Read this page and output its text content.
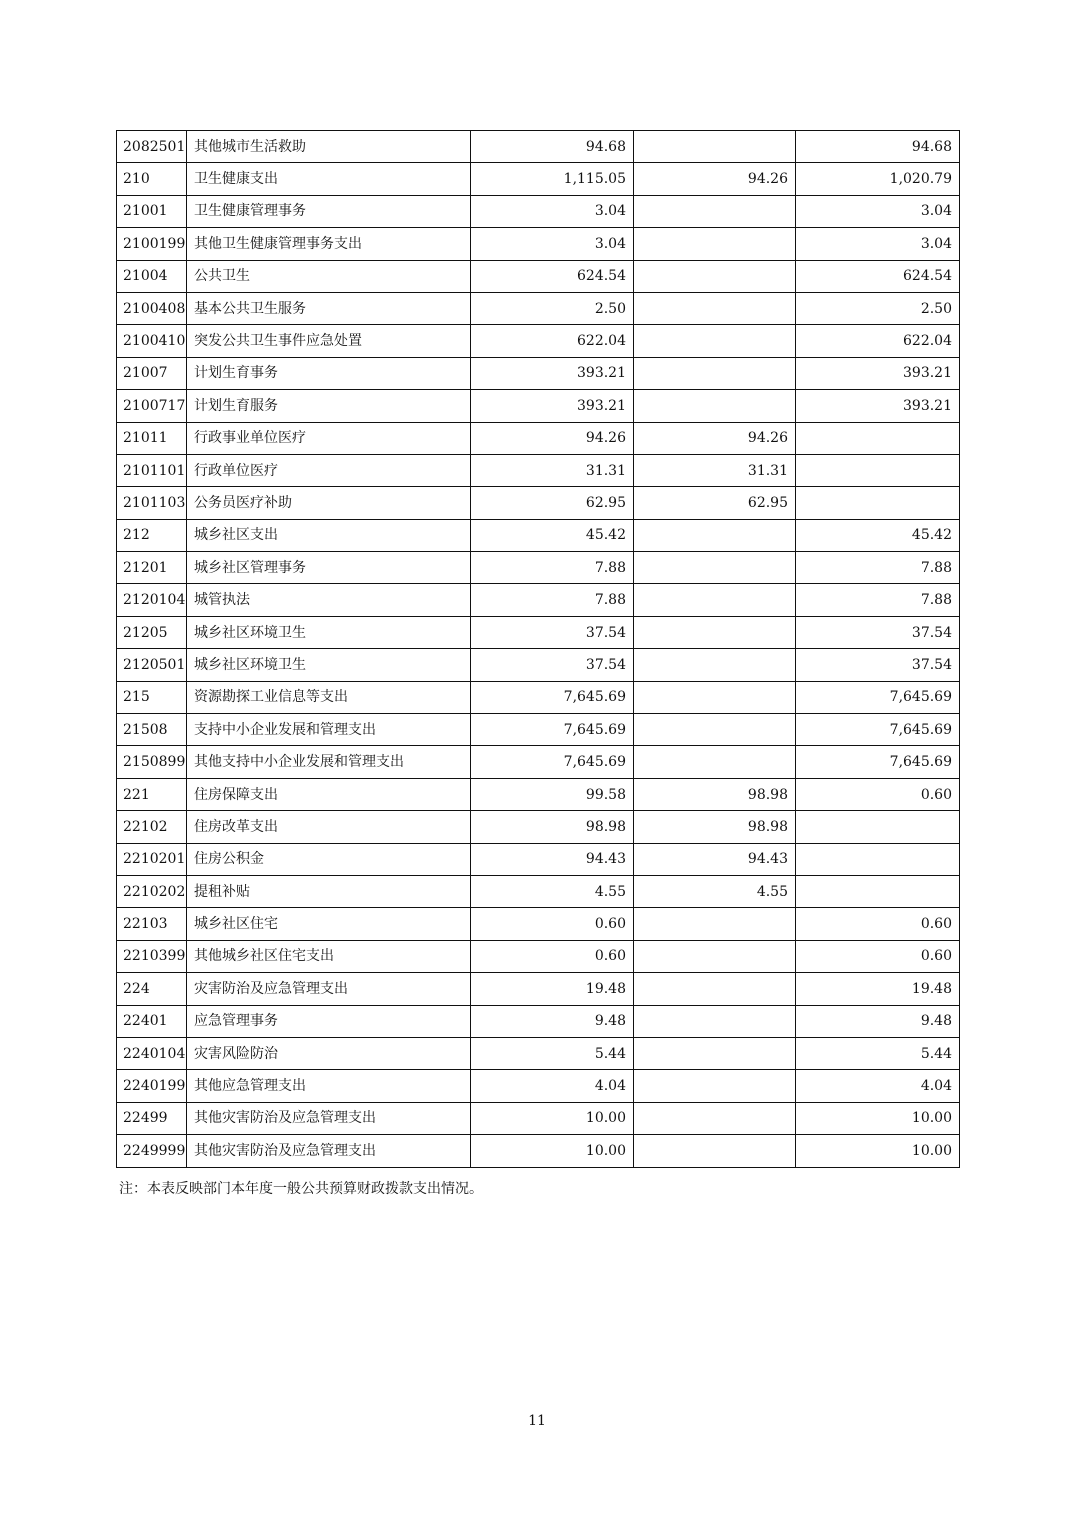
2082501	其他城市生活救助	94.68		94.68
210	卫生健康支出	1,115.05	94.26	1,020.79
21001	卫生健康管理事务	3.04		3.04
2100199	其他卫生健康管理事务支出	3.04		3.04
21004	公共卫生	624.54		624.54
2100408	基本公共卫生服务	2.50		2.50
2100410	突发公共卫生事件应急处置	622.04		622.04
21007	计划生育事务	393.21		393.21
2100717	计划生育服务	393.21		393.21
21011	行政事业单位医疗	94.26	94.26	
2101101	行政单位医疗	31.31	31.31	
2101103	公务员医疗补助	62.95	62.95	
212	城乡社区支出	45.42		45.42
21201	城乡社区管理事务	7.88		7.88
2120104	城管执法	7.88		7.88
21205	城乡社区环境卫生	37.54		37.54
2120501	城乡社区环境卫生	37.54		37.54
215	资源勘探工业信息等支出	7,645.69		7,645.69
21508	支持中小企业发展和管理支出	7,645.69		7,645.69
2150899	其他支持中小企业发展和管理支出	7,645.69		7,645.69
221	住房保障支出	99.58	98.98	0.60
22102	住房改革支出	98.98	98.98	
2210201	住房公积金	94.43	94.43	
2210202	提租补贴	4.55	4.55	
22103	城乡社区住宅	0.60		0.60
2210399	其他城乡社区住宅支出	0.60		0.60
224	灾害防治及应急管理支出	19.48		19.48
22401	应急管理事务	9.48		9.48
2240104	灾害风险防治	5.44		5.44
2240199	其他应急管理支出	4.04		4.04
22499	其他灾害防治及应急管理支出	10.00		10.00
2249999	其他灾害防治及应急管理支出	10.00		10.00
注：本表反映部门本年度一般公共预算财政拨款支出情况。
11
